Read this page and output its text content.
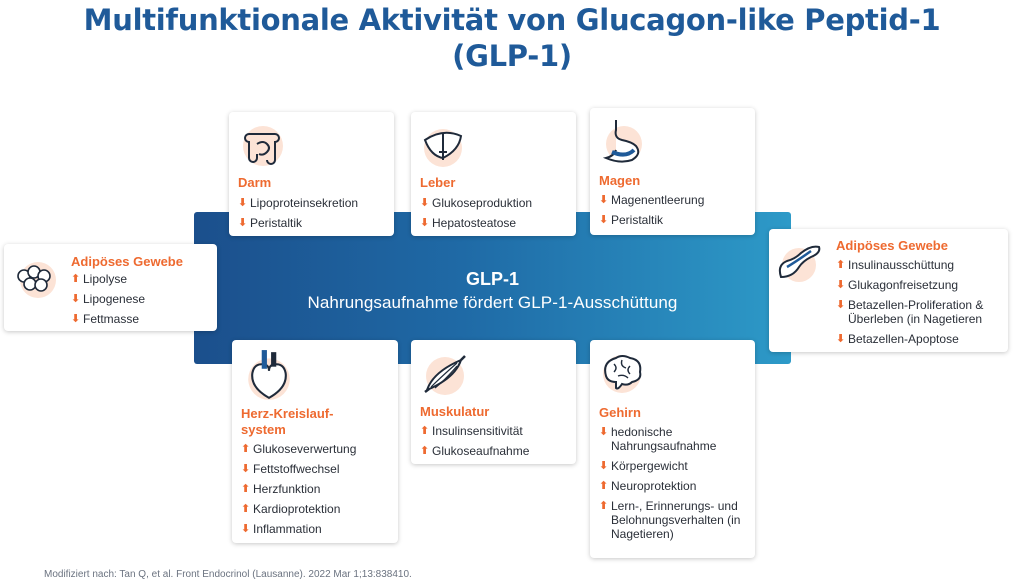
Multifunktionale Aktivität von Glucagon-like Peptid-1
(GLP-1)
GLP-1
Nahrungsaufnahme fördert GLP-1-Ausschüttung
Darm
⬇ Lipoproteinsekretion
⬇ Peristaltik
Leber
⬇ Glukoseproduktion
⬇ Hepatosteatose
Magen
⬇ Magenentleerung
⬇ Peristaltik
Adipöses Gewebe
⬆ Lipolyse
⬇ Lipogenese
⬇ Fettmasse
Adipöses Gewebe
⬆ Insulinausschüttung
⬇ Glukagonfreisetzung
⬇ Betazellen-Proliferation & Überleben (in Nagetieren
⬇ Betazellen-Apoptose
Herz-Kreislauf-
system
⬆ Glukoseverwertung
⬇ Fettstoffwechsel
⬆ Herzfunktion
⬆ Kardioprotektion
⬇ Inflammation
Muskulatur
⬆ Insulinsensitivität
⬆ Glukoseaufnahme
Gehirn
⬇ hedonische Nahrungsaufnahme
⬇ Körpergewicht
⬆ Neuroprotektion
⬆ Lern-, Erinnerungs- und Belohnungsverhalten (in Nagetieren)
Modifiziert nach: Tan Q, et al. Front Endocrinol (Lausanne). 2022 Mar 1;13:838410.
